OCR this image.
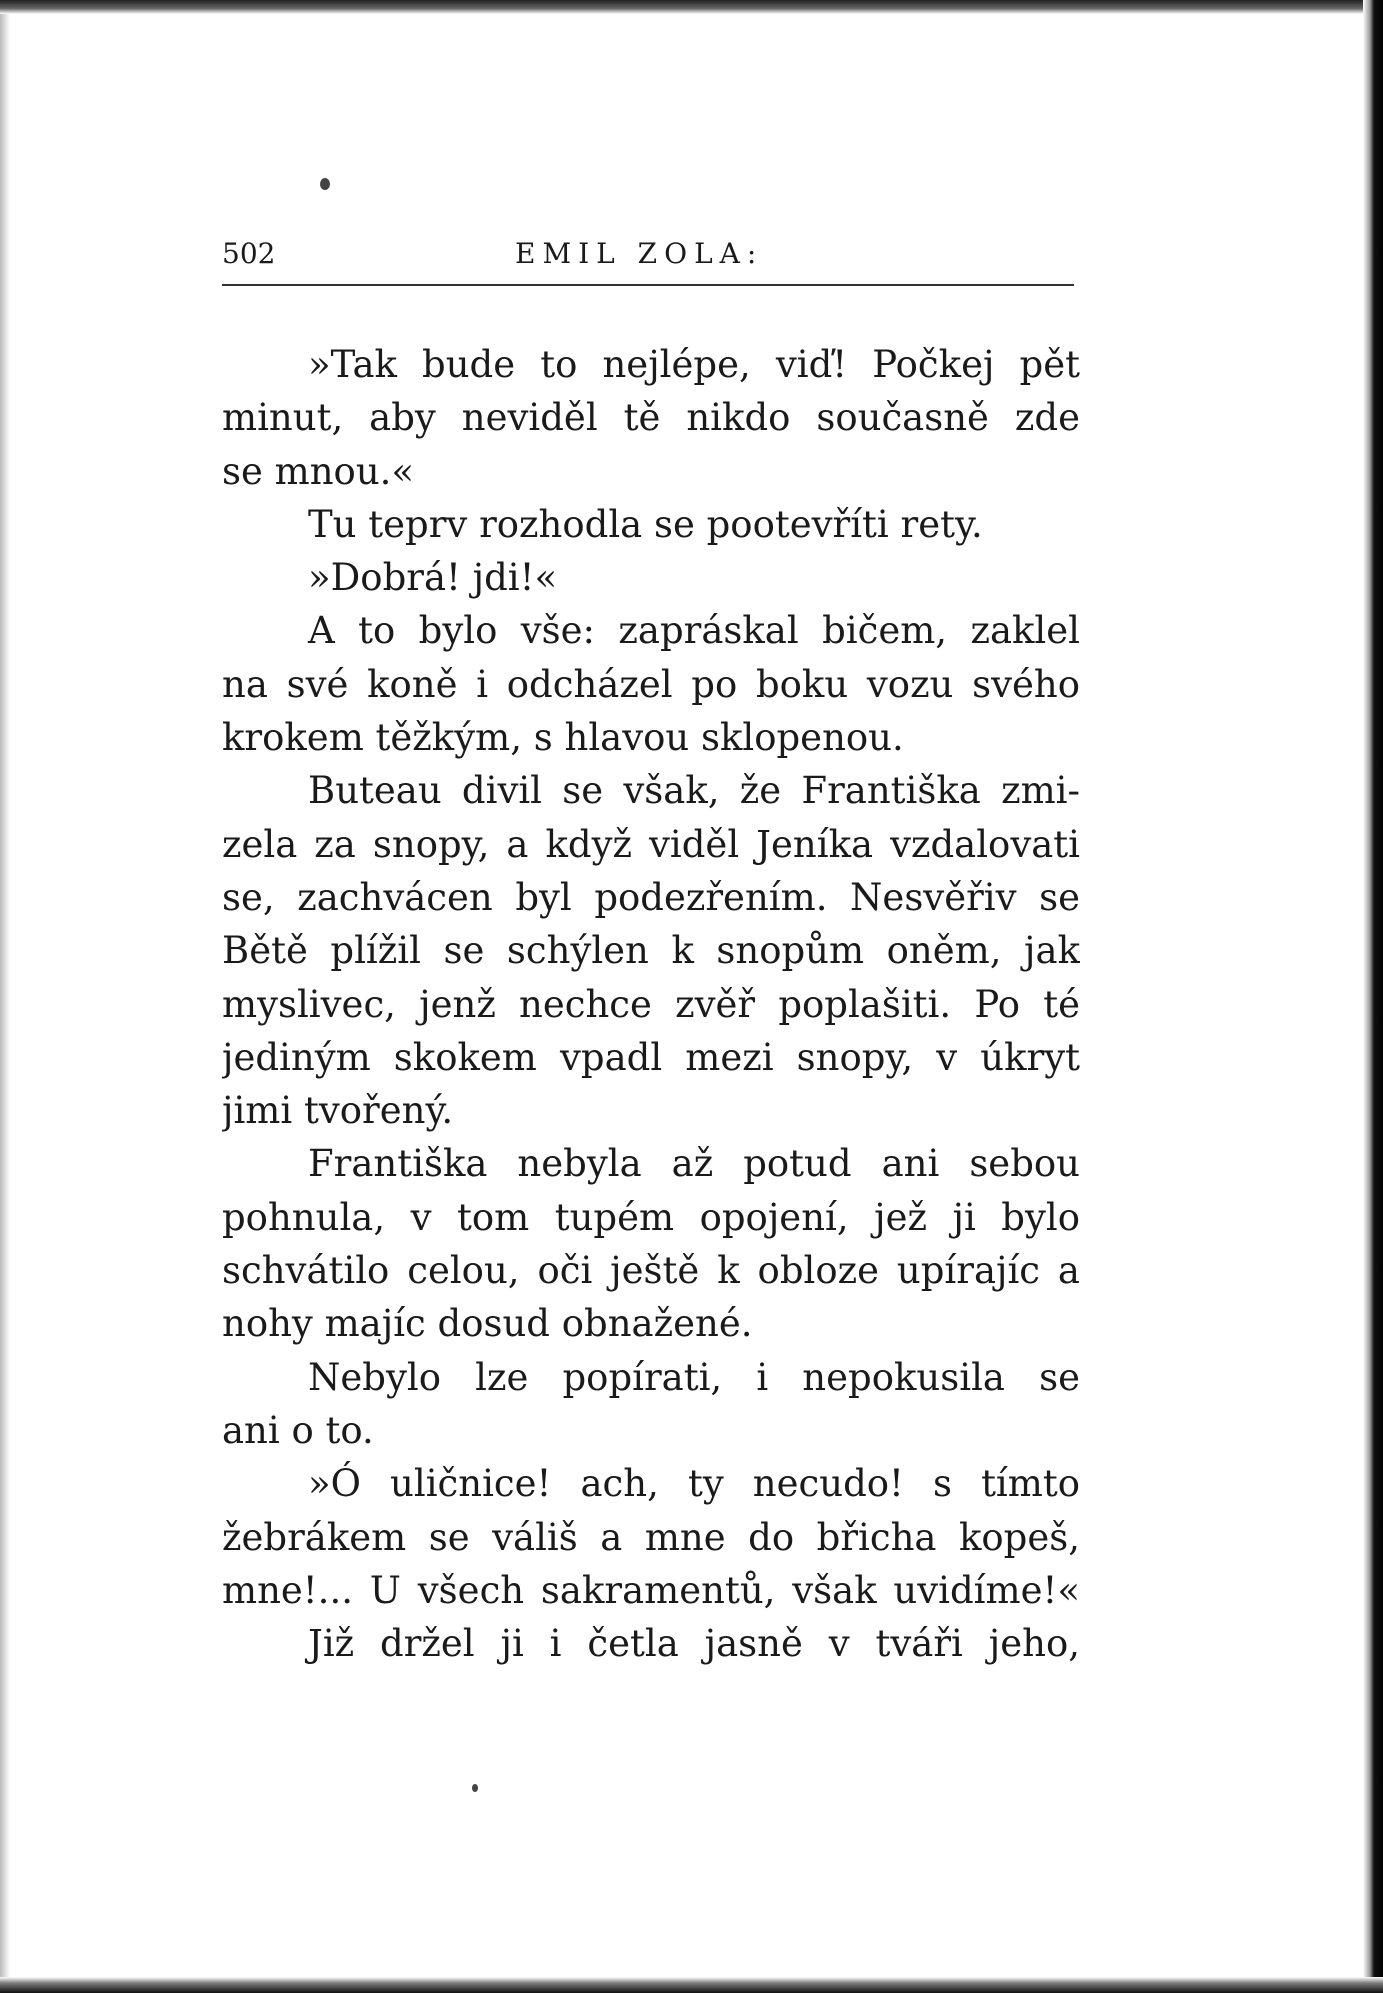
502	EMIL ZOLA:
»Tak bude to nejlépe, viď! Počkej pět
minut, aby neviděl tě nikdo současně zde
se mnou.«
Tu teprv rozhodla se pootevříti rety.
»Dobrá! jdi!«
A to bylo vše: zapráskal bičem, zaklel
na své koně i odcházel po boku vozu svého
krokem těžkým, s hlavou sklopenou.
Buteau divil se však, že Františka zmi-
zela za snopy, a když viděl Jeníka vzdalovati
se, zachvácen byl podezřením. Nesvěřiv se
Bětě plížil se schýlen k snopům oněm, jak
myslivec, jenž nechce zvěř poplašiti. Po té
jediným skokem vpadl mezi snopy, v úkryt
jimi tvořený.
Františka nebyla až potud ani sebou
pohnula, v tom tupém opojení, jež ji bylo
schvátilo celou, oči ještě k obloze upírajíc a
nohy majíc dosud obnažené.
Nebylo lze popírati, i nepokusila se
ani o to.
»Ó uličnice! ach, ty necudo! s tímto
žebrákem se váliš a mne do břicha kopeš,
mne!... U všech sakramentů, však uvidíme!«
Již držel ji i četla jasně v tváři jeho,
